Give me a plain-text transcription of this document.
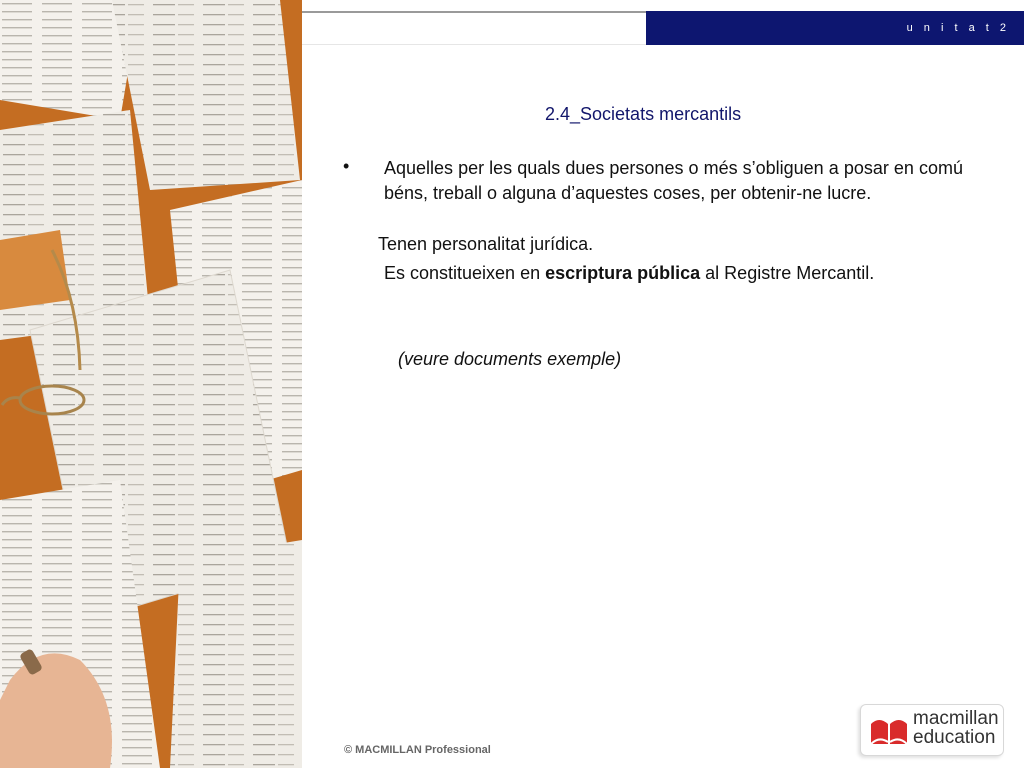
u n i t a t 2
2.4_Societats mercantils
• Aquelles per les quals dues persones o més s’obliguen a posar en comú béns, treball o alguna d’aquestes coses, per obtenir-ne lucre.
Tenen personalitat jurídica.
Es constitueixen en escriptura pública al Registre Mercantil.
(veure documents exemple)
© MACMILLAN Professional
macmillan
education
